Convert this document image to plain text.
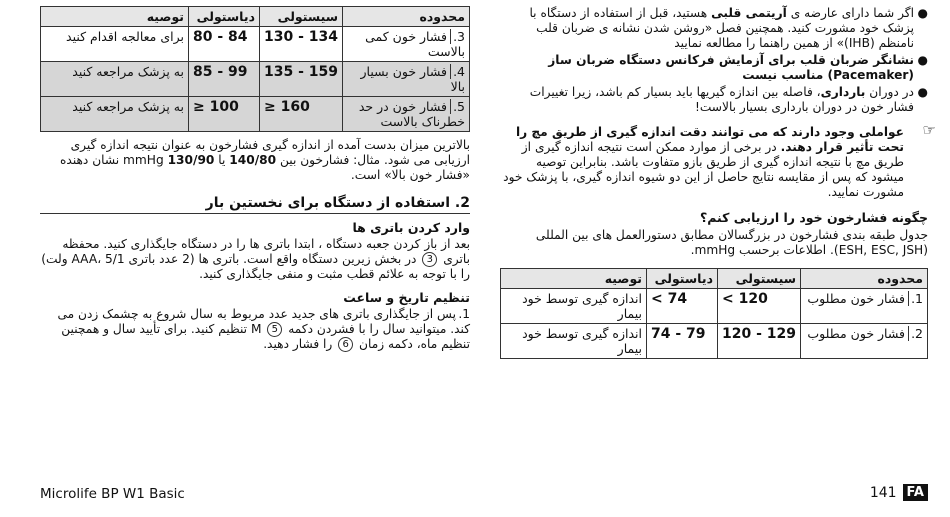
●
اگر شما دارای عارضه ی آریتمی قلبی هستید، قبل از استفاده از دستگاه با پزشک خود مشورت کنید. همچنین فصل «روشن شدن نشانه ی ضربان قلب نامنظم (IHB)» از همین راهنما را مطالعه نمایید
●
نشانگر ضربان قلب برای آزمایش فرکانس دستگاه ضربان ساز (Pacemaker) مناسب نیست
●
در دوران بارداری، فاصله بین اندازه گیریها باید بسیار کم باشد، زیرا تغییرات فشار خون در دوران بارداری بسیار بالاست!
☞
عواملی وجود دارند که می توانند دقت اندازه گیری از طریق مچ را تحت تأثیر قرار دهند. در برخی از موارد ممکن است نتیجه اندازه گیری از طریق مچ با نتیجه اندازه گیری از طریق بازو متفاوت باشد. بنابراین توصیه میشود که پس از مقایسه نتایج حاصل از این دو شیوه اندازه گیری، با پزشک خود مشورت نمایید.
چگونه فشارخون خود را ارزیابی کنم؟

جدول طبقه بندی فشارخون در بزرگسالان مطابق دستورالعمل های بین المللی (ESH, ESC, JSH). اطلاعات برحسب mmHg.

محدوده	سیستولی	دیاستولی	توصیه
1.فشار خون مطلوب	< 120	< 74	اندازه گیری توسط خود بیمار
2.فشار خون مطلوب	120 - 129	74 - 79	اندازه گیری توسط خود بیمار
محدوده	سیستولی	دیاستولی	توصیه
3.فشار خون کمی بالاست	130 - 134	80 - 84	برای معالجه اقدام کنید
4.فشار خون بسیار بالا	135 - 159	85 - 99	به پزشک مراجعه کنید
5.فشار خون در حد خطرناک بالاست	≥ 160	≥ 100	به پزشک مراجعه کنید

بالاترین میزان بدست آمده از اندازه گیری فشارخون به عنوان نتیجه اندازه گیری ارزیابی می شود. مثال: فشارخون بین 140/80 یا 130/90 mmHg نشان دهنده «فشار خون بالا» است.

2. استفاده از دستگاه برای نخستین بار
وارد کردن باتری ها

بعد از باز کردن جعبه دستگاه ، ابتدا باتری ها را در دستگاه جایگذاری کنید. محفظه باتری 3 در بخش زیرین دستگاه واقع است. باتری ها (2 عدد باتری AAA، 5/1 ولت) را با توجه به علائم قطب مثبت و منفی جایگذاری کنید.

تنظیم تاریخ و ساعت

1.پس از جایگذاری باتری های جدید عدد مربوط به سال شروع به چشمک زدن می کند. میتوانید سال را با فشردن دکمه 5 M تنظیم کنید. برای تأیید سال و همچنین تنظیم ماه، دکمه زمان 6 را فشار دهید.

Microlife BP W1 Basic	141 FA
